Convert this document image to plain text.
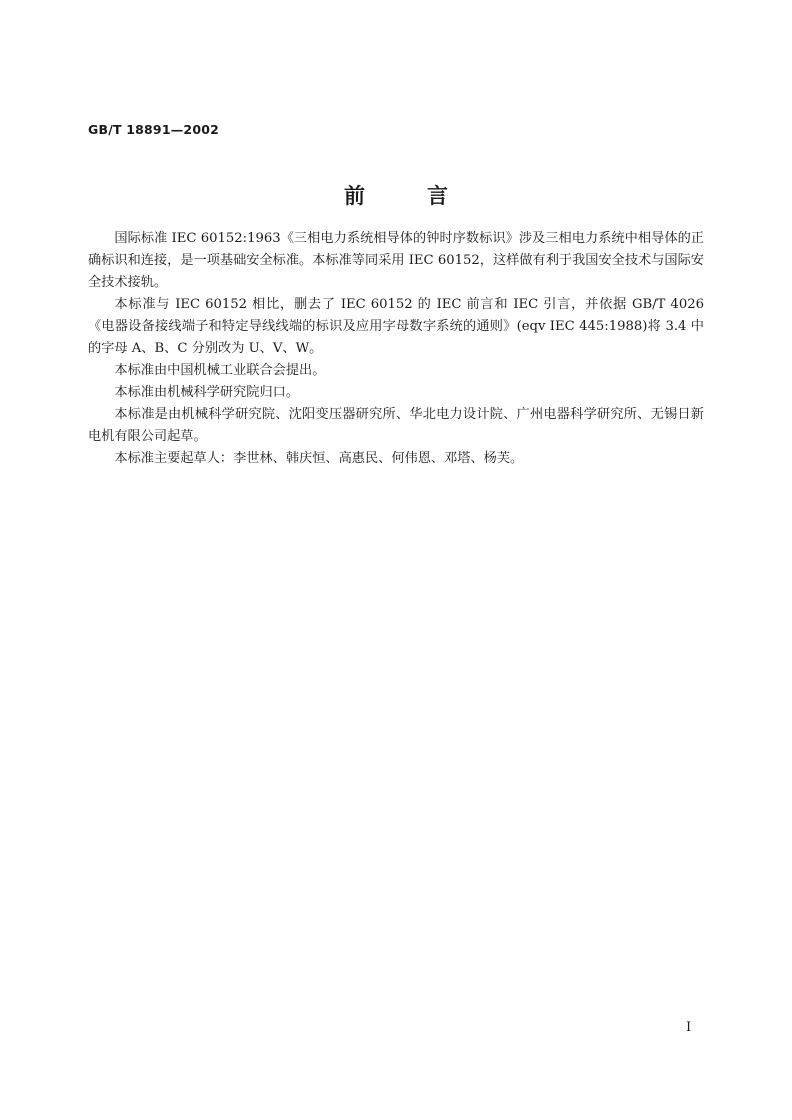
GB/T 18891—2002
前	言

国际标准 IEC 60152:1963《三相电力系统相导体的钟时序数标识》涉及三相电力系统中相导体的正确标识和连接，是一项基础安全标准。本标准等同采用 IEC 60152，这样做有利于我国安全技术与国际安全技术接轨。

本标准与 IEC 60152 相比，删去了 IEC 60152 的 IEC 前言和 IEC 引言，并依据 GB/T 4026《电器设备接线端子和特定导线线端的标识及应用字母数字系统的通则》(eqv IEC 445:1988)将 3.4 中的字母 A、B、C 分别改为 U、V、W。

本标准由中国机械工业联合会提出。

本标准由机械科学研究院归口。

本标准是由机械科学研究院、沈阳变压器研究所、华北电力设计院、广州电器科学研究所、无锡日新电机有限公司起草。

本标准主要起草人：李世林、韩庆恒、高惠民、何伟恩、邓塔、杨芙。

I
